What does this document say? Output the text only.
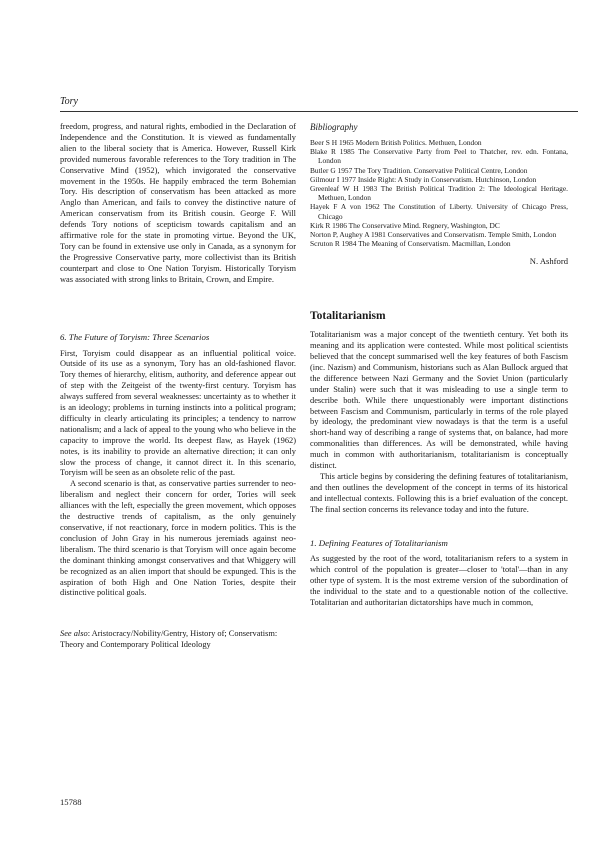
Tory

freedom, progress, and natural rights, embodied in the Declaration of Independence and the Constitution. It is viewed as fundamentally alien to the liberal society that is America. However, Russell Kirk provided numerous favorable references to the Tory tradition in The Conservative Mind (1952), which invigorated the conservative movement in the 1950s. He happily embraced the term Bohemian Tory. His description of conservatism has been attacked as more Anglo than American, and fails to convey the distinctive nature of American conservatism from its British cousin. George F. Will defends Tory notions of scepticism towards capitalism and an affirmative role for the state in promoting virtue. Beyond the UK, Tory can be found in extensive use only in Canada, as a synonym for the Progressive Conservative party, more collectivist than its British counterpart and close to One Nation Toryism. Historically Toryism was associated with strong links to Britain, Crown, and Empire.

6. The Future of Toryism: Three Scenarios

First, Toryism could disappear as an influential political voice. Outside of its use as a synonym, Tory has an old-fashioned flavor. Tory themes of hierarchy, elitism, authority, and deference appear out of step with the Zeitgeist of the twenty-first century. Toryism has always suffered from several weaknesses: uncertainty as to whether it is an ideology; problems in turning instincts into a political program; difficulty in clearly articulating its principles; a tendency to narrow nationalism; and a lack of appeal to the young who who believe in the capacity to improve the world. Its deepest flaw, as Hayek (1962) notes, is its inability to provide an alternative direction; it can only slow the process of change, it cannot direct it. In this scenario, Toryism will be seen as an obsolete relic of the past.

A second scenario is that, as conservative parties surrender to neo-liberalism and neglect their concern for order, Tories will seek alliances with the left, especially the green movement, which opposes the destructive trends of capitalism, as the only genuinely conservative, if not reactionary, force in modern politics. This is the conclusion of John Gray in his numerous jeremiads against neo-liberalism. The third scenario is that Toryism will once again become the dominant thinking amongst conservatives and that Whiggery will be recognized as an alien import that should be expunged. This is the aspiration of both High and One Nation Tories, despite their distinctive political goals.

See also: Aristocracy/Nobility/Gentry, History of; Conservatism: Theory and Contemporary Political Ideology

Bibliography

Beer S H 1965 Modern British Politics. Methuen, London

Blake R 1985 The Conservative Party from Peel to Thatcher, rev. edn. Fontana, London

Butler G 1957 The Tory Tradition. Conservative Political Centre, London

Gilmour I 1977 Inside Right: A Study in Conservatism. Hutchinson, London

Greenleaf W H 1983 The British Political Tradition 2: The Ideological Heritage. Methuen, London

Hayek F A von 1962 The Constitution of Liberty. University of Chicago Press, Chicago

Kirk R 1986 The Conservative Mind. Regnery, Washington, DC

Norton P, Aughey A 1981 Conservatives and Conservatism. Temple Smith, London

Scruton R 1984 The Meaning of Conservatism. Macmillan, London

N. Ashford
Totalitarianism

Totalitarianism was a major concept of the twentieth century. Yet both its meaning and its application were contested. While most political scientists believed that the concept summarised well the key features of both Fascism (inc. Nazism) and Communism, historians such as Alan Bullock argued that the difference between Nazi Germany and the Soviet Union (particularly under Stalin) were such that it was misleading to use a single term to describe both. While there unquestionably were important distinctions between Fascism and Communism, particularly in terms of the role played by ideology, the predominant view nowadays is that the term is a useful short-hand way of describing a range of systems that, on balance, had more commonalities than differences. As will be demonstrated, while having much in common with authoritarianism, totalitarianism is conceptually distinct.

This article begins by considering the defining features of totalitarianism, and then outlines the development of the concept in terms of its historical and intellectual contexts. Following this is a brief evaluation of the concept. The final section concerns its relevance today and into the future.

1. Defining Features of Totalitarianism

As suggested by the root of the word, totalitarianism refers to a system in which control of the population is greater—closer to 'total'—than in any other type of system. It is the most extreme version of the subordination of the individual to the state and to a questionable notion of the collective. Totalitarian and authoritarian dictatorships have much in common,

15788
